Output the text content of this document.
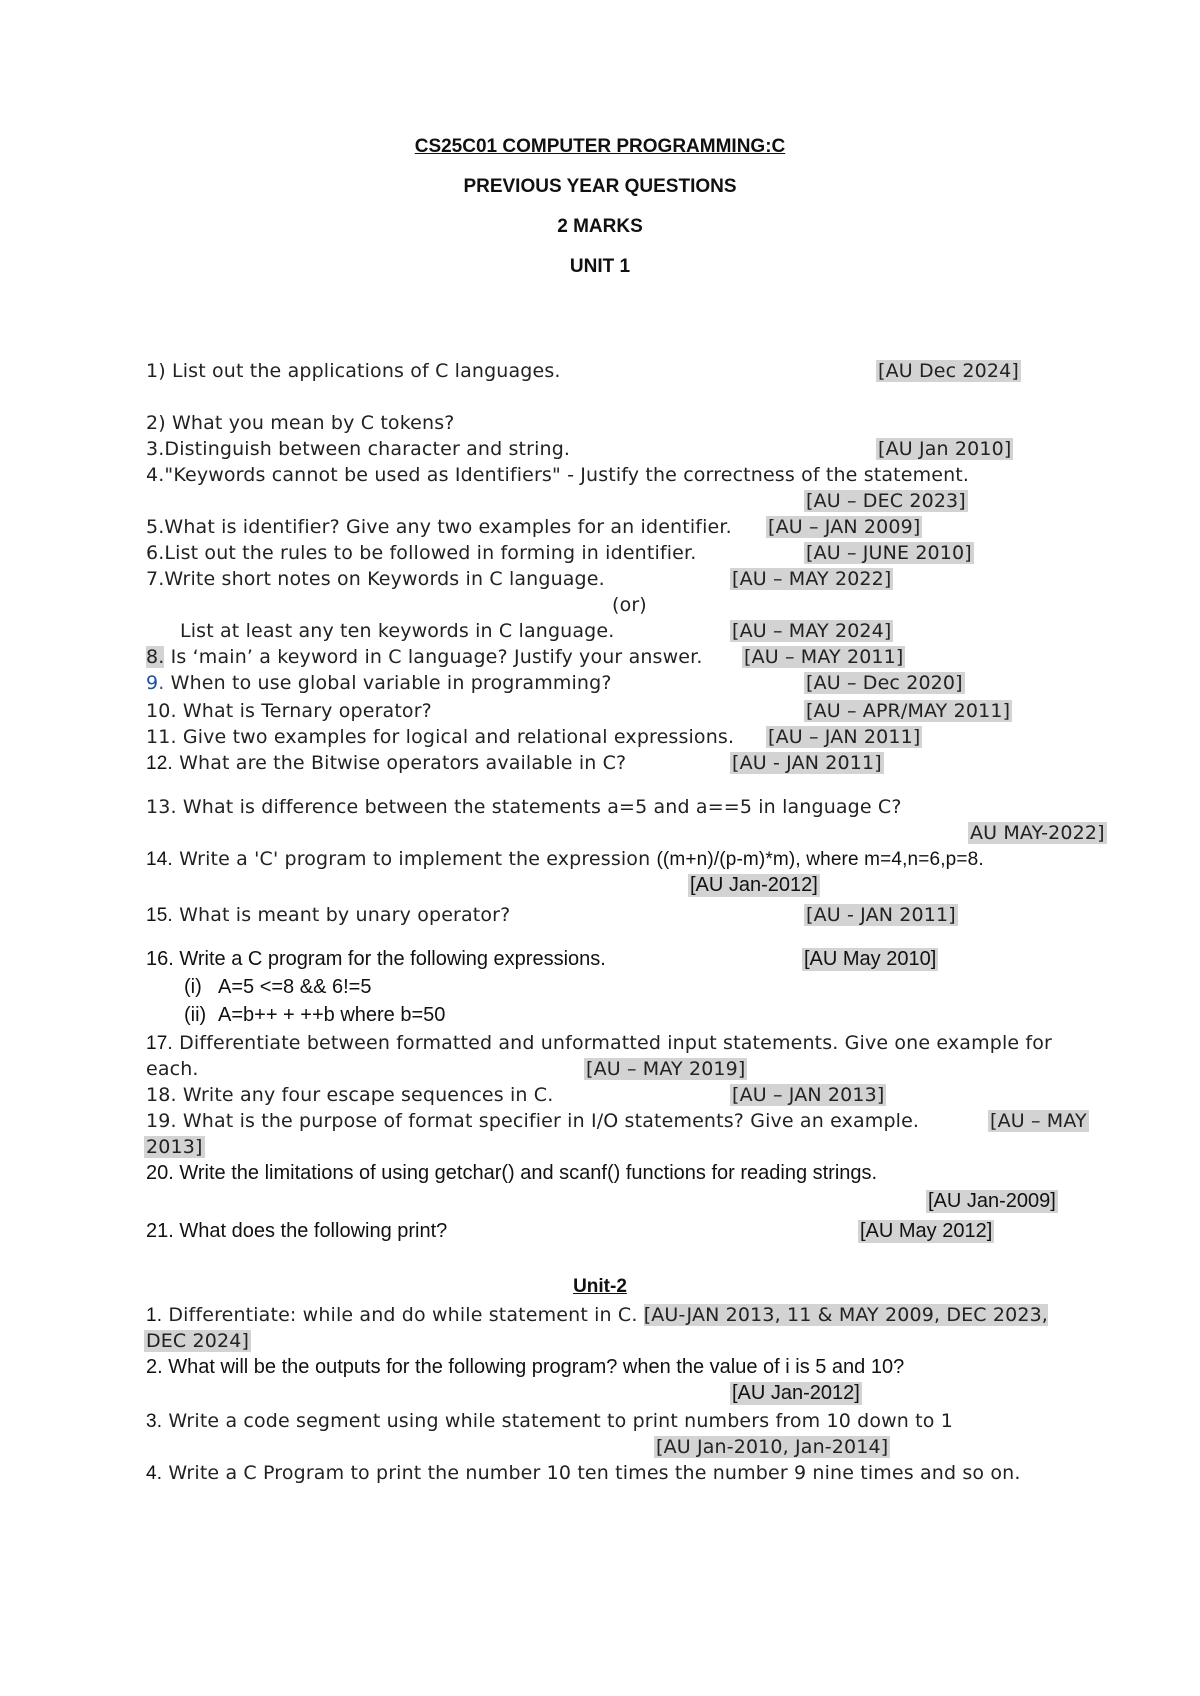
CS25C01 COMPUTER PROGRAMMING:C
PREVIOUS YEAR QUESTIONS
2 MARKS
UNIT 1
1) List out the applications of C languages.	[AU Dec 2024]
2) What you mean by C tokens?
3.Distinguish between character and string.	[AU Jan 2010]
4."Keywords cannot be used as Identifiers" - Justify the correctness of the statement.
[AU – DEC 2023]
5.What is identifier? Give any two examples for an identifier. [AU – JAN 2009]
6.List out the rules to be followed in forming in identifier.	[AU – JUNE 2010]
7.Write short notes on Keywords in C language.	[AU – MAY 2022]
(or)
List at least any ten keywords in C language.	[AU – MAY 2024]
8. Is ‘main’ a keyword in C language? Justify your answer. [AU – MAY 2011]
9. When to use global variable in programming?	[AU – Dec 2020]
10. What is Ternary operator?	[AU – APR/MAY 2011]
11. Give two examples for logical and relational expressions. [AU – JAN 2011]
12. What are the Bitwise operators available in C?	[AU - JAN 2011]
13. What is difference between the statements a=5 and a==5 in language C?
AU MAY-2022]
14. Write a 'C' program to implement the expression ((m+n)/(p-m)*m), where m=4,n=6,p=8.
[AU Jan-2012]
15. What is meant by unary operator?	[AU - JAN 2011]
16. Write a C program for the following expressions.	[AU May 2010]
(i) A=5 <=8 && 6!=5
(ii) A=b++ + ++b where b=50
17. Differentiate between formatted and unformatted input statements. Give one example for
each.	[AU – MAY 2019]
18. Write any four escape sequences in C.	[AU – JAN 2013]
19. What is the purpose of format specifier in I/O statements? Give an example.	[AU – MAY
2013]
20. Write the limitations of using getchar() and scanf() functions for reading strings.
[AU Jan-2009]
21. What does the following print?	[AU May 2012]
Unit-2
1. Differentiate: while and do while statement in C. [AU-JAN 2013, 11 & MAY 2009, DEC 2023,
DEC 2024]
2. What will be the outputs for the following program? when the value of i is 5 and 10?
[AU Jan-2012]
3. Write a code segment using while statement to print numbers from 10 down to 1
[AU Jan-2010, Jan-2014]
4. Write a C Program to print the number 10 ten times the number 9 nine times and so on.
